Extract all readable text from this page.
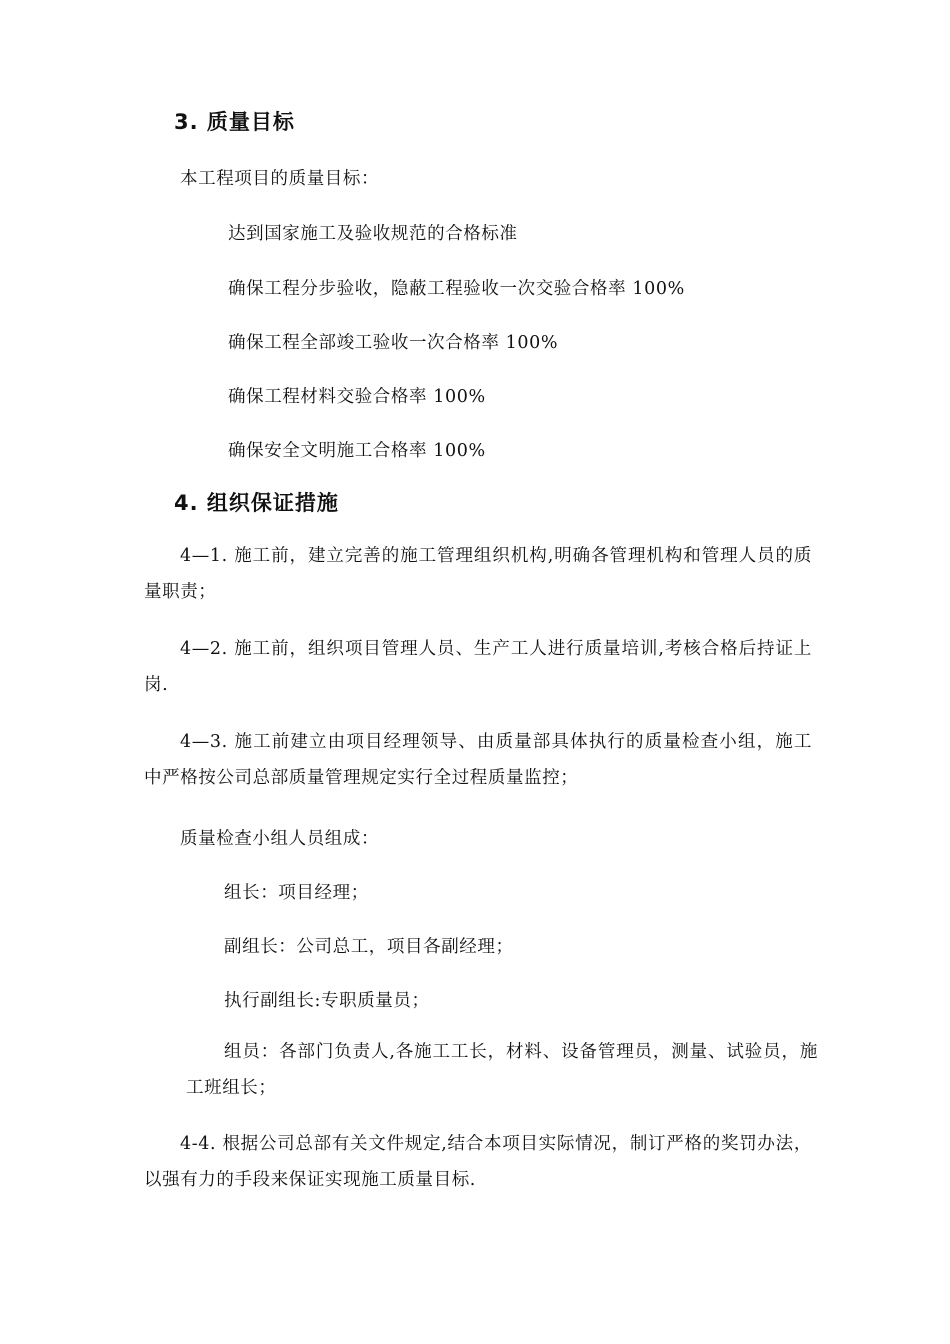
3. 质量目标
本工程项目的质量目标：
达到国家施工及验收规范的合格标准
确保工程分步验收，隐蔽工程验收一次交验合格率 100%
确保工程全部竣工验收一次合格率 100%
确保工程材料交验合格率 100%
确保安全文明施工合格率 100%
4. 组织保证措施
4—1. 施工前，建立完善的施工管理组织机构,明确各管理机构和管理人员的质量职责；
4—2. 施工前，组织项目管理人员、生产工人进行质量培训,考核合格后持证上岗.
4—3. 施工前建立由项目经理领导、由质量部具体执行的质量检查小组，施工中严格按公司总部质量管理规定实行全过程质量监控；
质量检查小组人员组成：
组长：项目经理；
副组长：公司总工，项目各副经理；
执行副组长:专职质量员；
组员：各部门负责人,各施工工长，材料、设备管理员，测量、试验员，施工班组长；
4-4. 根据公司总部有关文件规定,结合本项目实际情况，制订严格的奖罚办法，以强有力的手段来保证实现施工质量目标.
